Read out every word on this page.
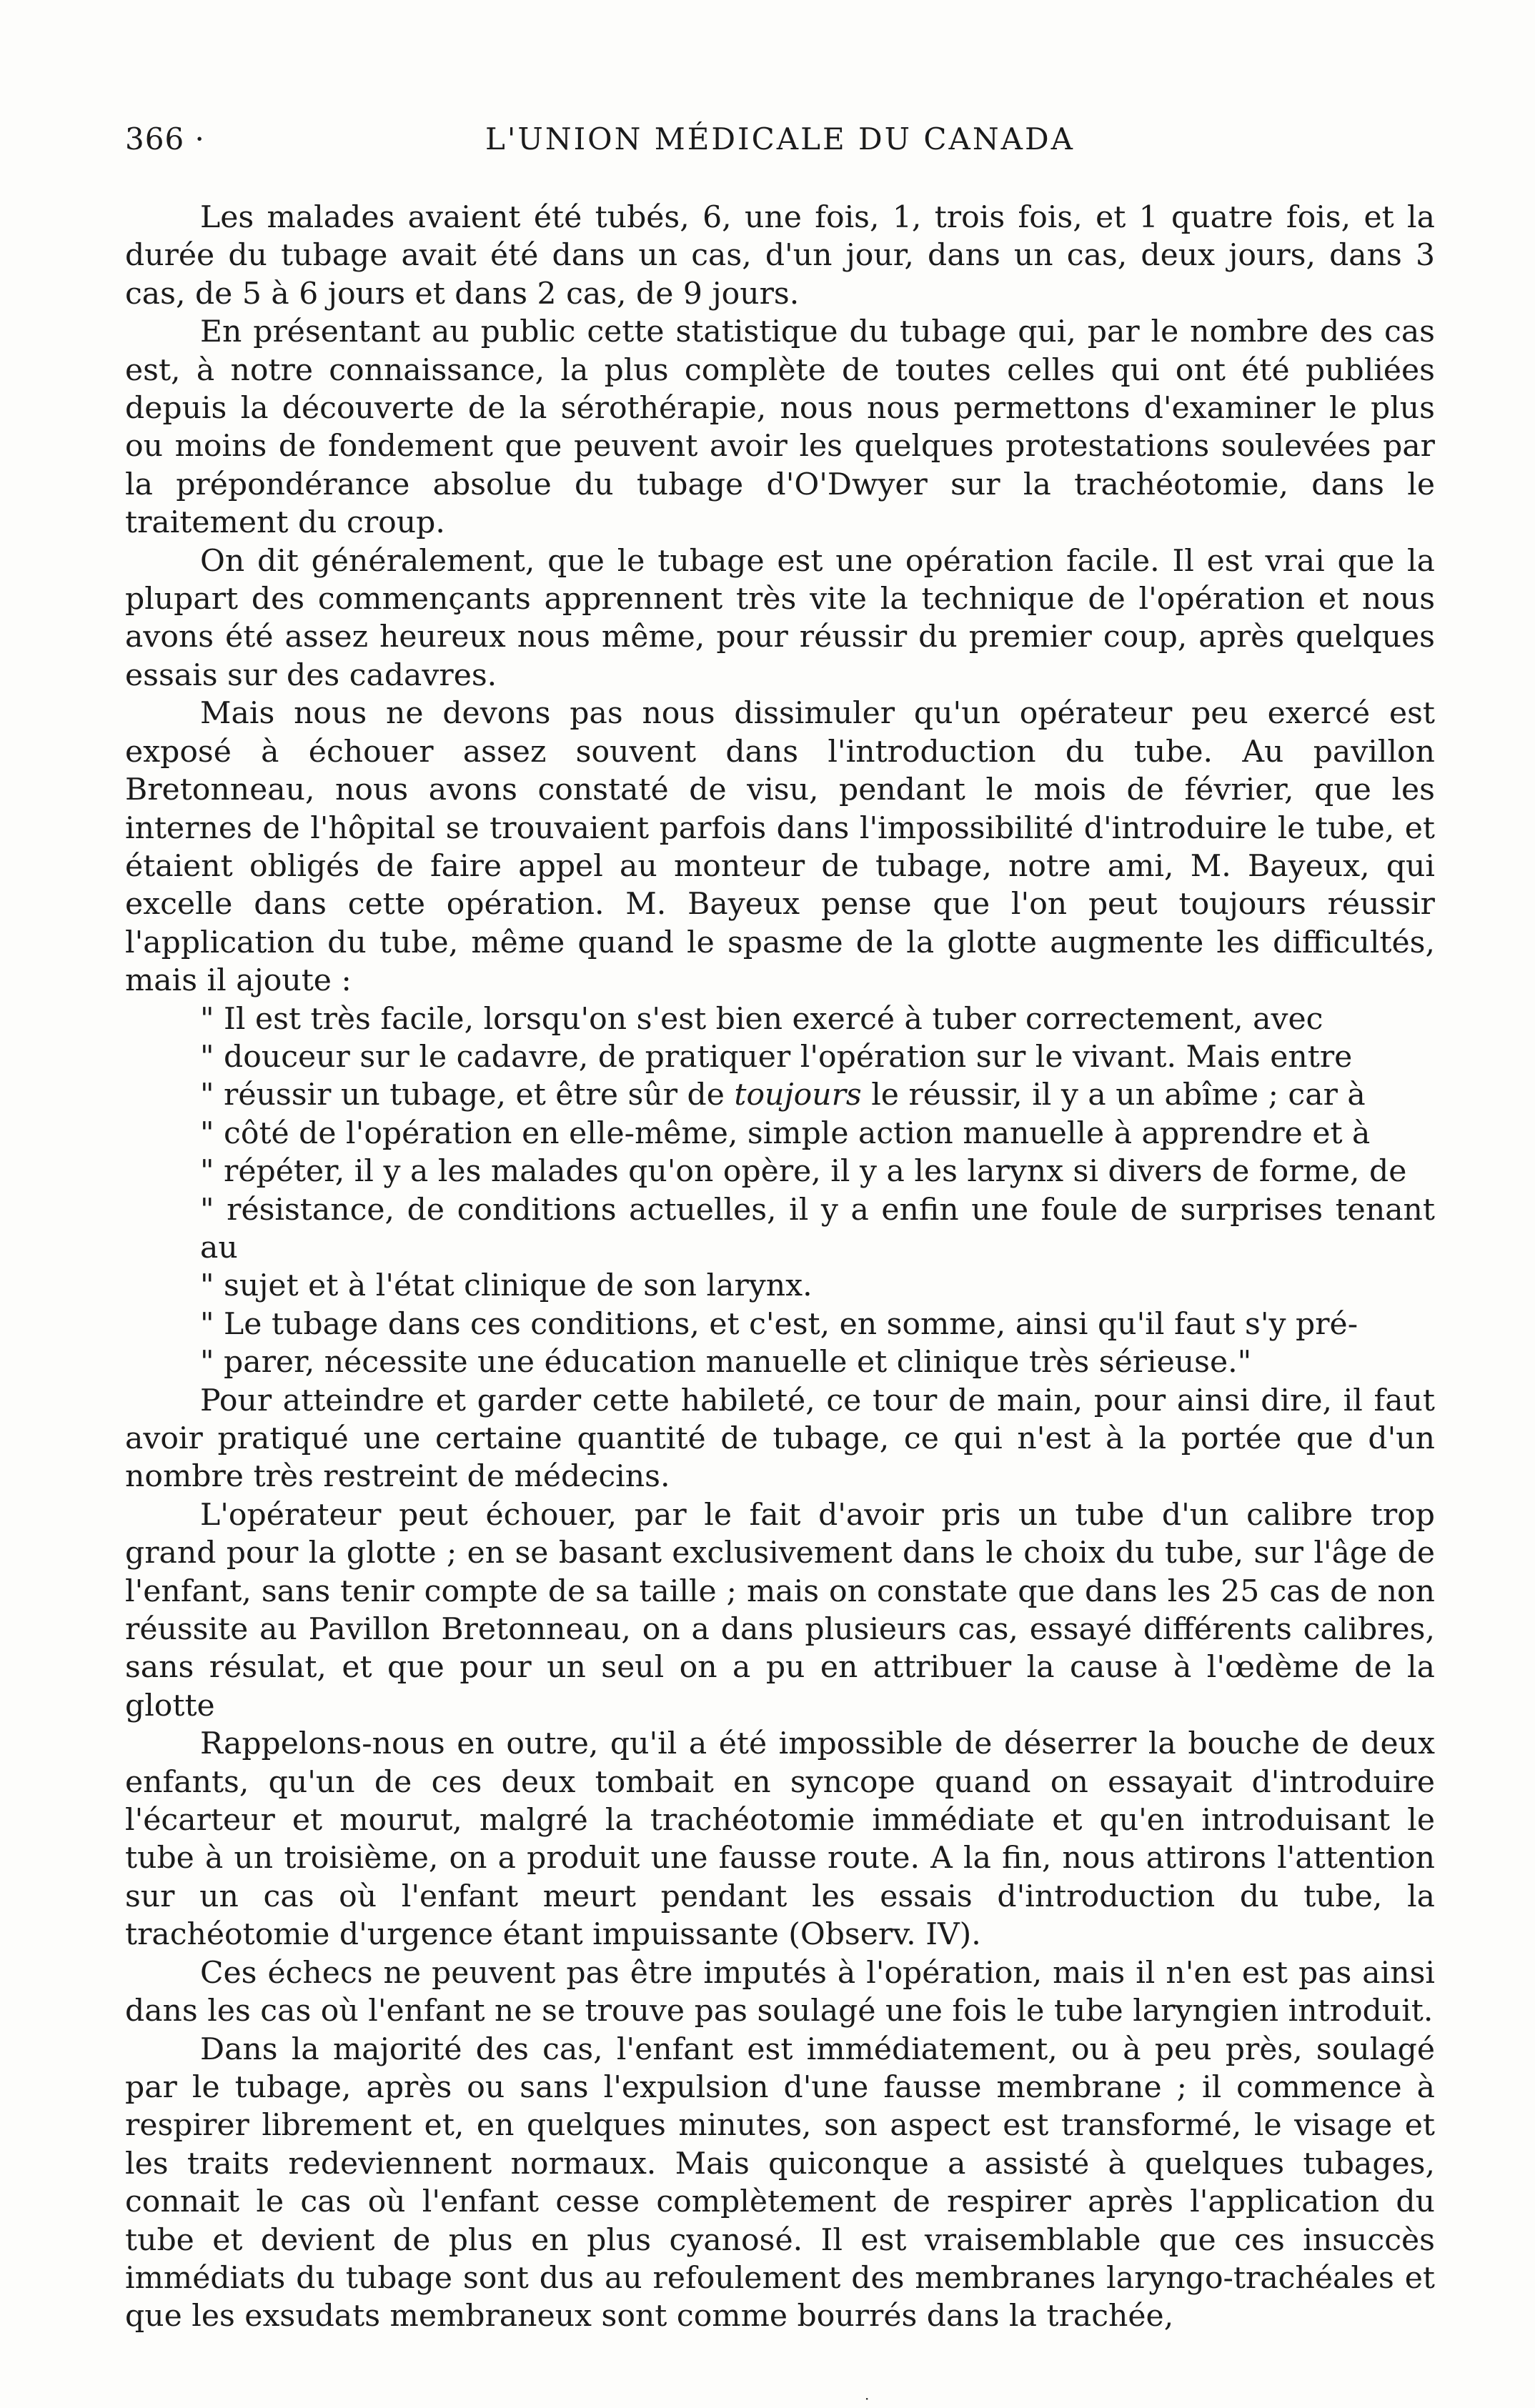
366 ·	L'UNION MÉDICALE DU CANADA

Les malades avaient été tubés, 6, une fois, 1, trois fois, et 1 quatre fois, et la durée du tubage avait été dans un cas, d'un jour, dans un cas, deux jours, dans 3 cas, de 5 à 6 jours et dans 2 cas, de 9 jours.

En présentant au public cette statistique du tubage qui, par le nombre des cas est, à notre connaissance, la plus complète de toutes celles qui ont été publiées depuis la découverte de la sérothérapie, nous nous permettons d'examiner le plus ou moins de fondement que peuvent avoir les quelques protestations soulevées par la prépondérance absolue du tubage d'O'Dwyer sur la trachéotomie, dans le traitement du croup.

On dit généralement, que le tubage est une opération facile. Il est vrai que la plupart des commençants apprennent très vite la technique de l'opération et nous avons été assez heureux nous même, pour réussir du premier coup, après quelques essais sur des cadavres.

Mais nous ne devons pas nous dissimuler qu'un opérateur peu exercé est exposé à échouer assez souvent dans l'introduction du tube. Au pavillon Bretonneau, nous avons constaté de visu, pendant le mois de février, que les internes de l'hôpital se trouvaient parfois dans l'impossibilité d'introduire le tube, et étaient obligés de faire appel au monteur de tubage, notre ami, M. Bayeux, qui excelle dans cette opération. M. Bayeux pense que l'on peut toujours réussir l'application du tube, même quand le spasme de la glotte augmente les difficultés, mais il ajoute :

" Il est très facile, lorsqu'on s'est bien exercé à tuber correctement, avec
" douceur sur le cadavre, de pratiquer l'opération sur le vivant. Mais entre
" réussir un tubage, et être sûr de toujours le réussir, il y a un abîme ; car à
" côté de l'opération en elle-même, simple action manuelle à apprendre et à
" répéter, il y a les malades qu'on opère, il y a les larynx si divers de forme, de
" résistance, de conditions actuelles, il y a enfin une foule de surprises tenant au
" sujet et à l'état clinique de son larynx.

" Le tubage dans ces conditions, et c'est, en somme, ainsi qu'il faut s'y pré-
" parer, nécessite une éducation manuelle et clinique très sérieuse."

Pour atteindre et garder cette habileté, ce tour de main, pour ainsi dire, il faut avoir pratiqué une certaine quantité de tubage, ce qui n'est à la portée que d'un nombre très restreint de médecins.

L'opérateur peut échouer, par le fait d'avoir pris un tube d'un calibre trop grand pour la glotte ; en se basant exclusivement dans le choix du tube, sur l'âge de l'enfant, sans tenir compte de sa taille ; mais on constate que dans les 25 cas de non réussite au Pavillon Bretonneau, on a dans plusieurs cas, essayé différents calibres, sans résulat, et que pour un seul on a pu en attribuer la cause à l'œdème de la glotte

Rappelons-nous en outre, qu'il a été impossible de déserrer la bouche de deux enfants, qu'un de ces deux tombait en syncope quand on essayait d'introduire l'écarteur et mourut, malgré la trachéotomie immédiate et qu'en introduisant le tube à un troisième, on a produit une fausse route. A la fin, nous attirons l'attention sur un cas où l'enfant meurt pendant les essais d'introduction du tube, la trachéotomie d'urgence étant impuissante (Observ. IV).

Ces échecs ne peuvent pas être imputés à l'opération, mais il n'en est pas ainsi dans les cas où l'enfant ne se trouve pas soulagé une fois le tube laryngien introduit.

Dans la majorité des cas, l'enfant est immédiatement, ou à peu près, soulagé par le tubage, après ou sans l'expulsion d'une fausse membrane ; il commence à respirer librement et, en quelques minutes, son aspect est transformé, le visage et les traits redeviennent normaux. Mais quiconque a assisté à quelques tubages, connait le cas où l'enfant cesse complètement de respirer après l'application du tube et devient de plus en plus cyanosé. Il est vraisemblable que ces insuccès immédiats du tubage sont dus au refoulement des membranes laryngo-trachéales et que les exsudats membraneux sont comme bourrés dans la trachée,

·
